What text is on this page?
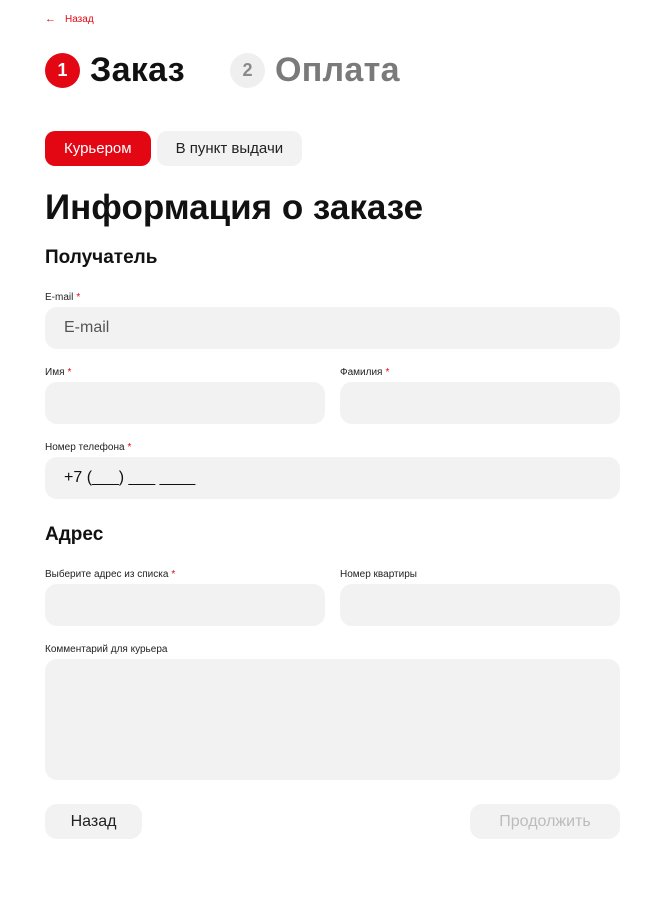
← Назад
1 Заказ	2 Оплата
Курьером	В пункт выдачи
Информация о заказе
Получатель
E-mail *
E-mail
Имя *	Фамилия *
Номер телефона *
+7 (___) ___ ____
Адрес
Выберите адрес из списка *	Номер квартиры
Комментарий для курьера
Назад	Продолжить
